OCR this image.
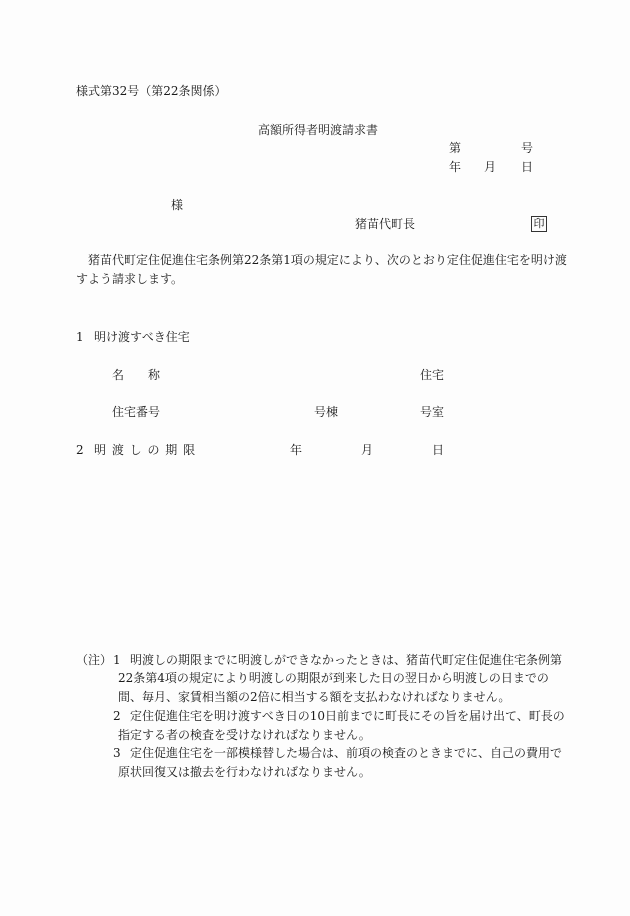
様式第32号（第22条関係）
高額所得者明渡請求書
第	号
年 月 日
様
猪苗代町長	印
猪苗代町定住促進住宅条例第22条第1項の規定により、次のとおり定住促進住宅を明け渡
すよう請求します。
1 明け渡すべき住宅
名　　称	住宅
住宅番号	号棟	号室
2 明 渡 し の 期 限	年	月	日
（注） 1 明渡しの期限までに明渡しができなかったときは、猪苗代町定住促進住宅条例第
22条第4項の規定により明渡しの期限が到来した日の翌日から明渡しの日までの
間、毎月、家賃相当額の2倍に相当する額を支払わなければなりません。
2 定住促進住宅を明け渡すべき日の10日前までに町長にその旨を届け出て、町長の
指定する者の検査を受けなければなりません。
3 定住促進住宅を一部模様替した場合は、前項の検査のときまでに、自己の費用で
原状回復又は撤去を行わなければなりません。
